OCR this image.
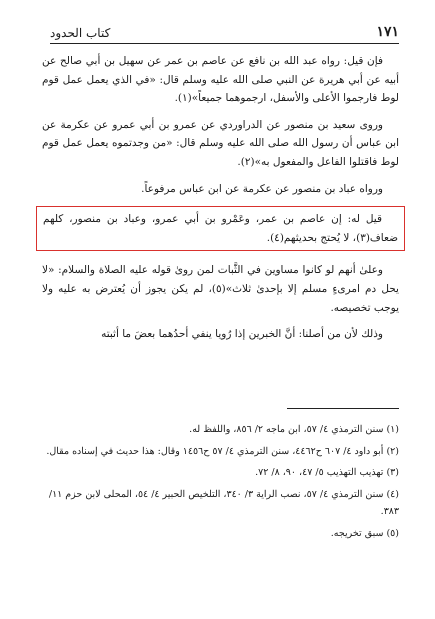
١٧١
كتاب الحدود

فإن قيل: رواه عبد الله بن نافع عن عاصم بن عمر عن سهيل بن أبي صالح عن أبيه عن أبي هريرة عن النبي صلى الله عليه وسلم قال: «في الذي يعمل عمل قوم لوط فارجموا الأعلى والأسفل، ارجموهما جميعاً»(١).

وروى سعيد بن منصور عن الدراوردي عن عمرو بن أبي عمرو عن عكرمة عن ابن عباس أن رسول الله صلى الله عليه وسلم قال: «من وجدتموه يعمل عمل قوم لوط فاقتلوا الفاعل والمفعول به»(٢).

ورواه عباد بن منصور عن عكرمة عن ابن عباس مرفوعاً.

قيل له: إن عاصم بن عمر، وعَمْرو بن أبي عمرو، وعباد بن منصور، كلهم ضعاف(٣)، لا يُحتج بحديثهم(٤).

وعلىٰ أنهم لو كانوا مساوين في الثَّبات لمن روىٰ قوله عليه الصلاة والسلام: «لا يحل دم امرىءٍ مسلم إلا بإحدىٰ ثلاث»(٥)، لم يكن يجوز أن يُعترض به عليه ولا يوجب تخصيصه.

وذلك لأن من أصلنا: أنَّ الخبرين إذا رُويا ينفي أحدُهما بعضَ ما أثبته

(١) سنن الترمذي ٤/ ٥٧، ابن ماجه ٢/ ٨٥٦، واللفظ له.

(٢) أبو داود ٤/ ٦٠٧ ح٤٤٦٢، سنن الترمذي ٤/ ٥٧ ح١٤٥٦ وقال: هذا حديث في إسناده مقال.

(٣) تهذيب التهذيب ٥/ ٤٧، ٩٠، ٨/ ٧٢.

(٤) سنن الترمذي ٤/ ٥٧، نصب الراية ٣/ ٣٤٠، التلخيص الحبير ٤/ ٥٤، المحلى لابن حزم ١١/ ٣٨٣.

(٥) سبق تخريجه.
